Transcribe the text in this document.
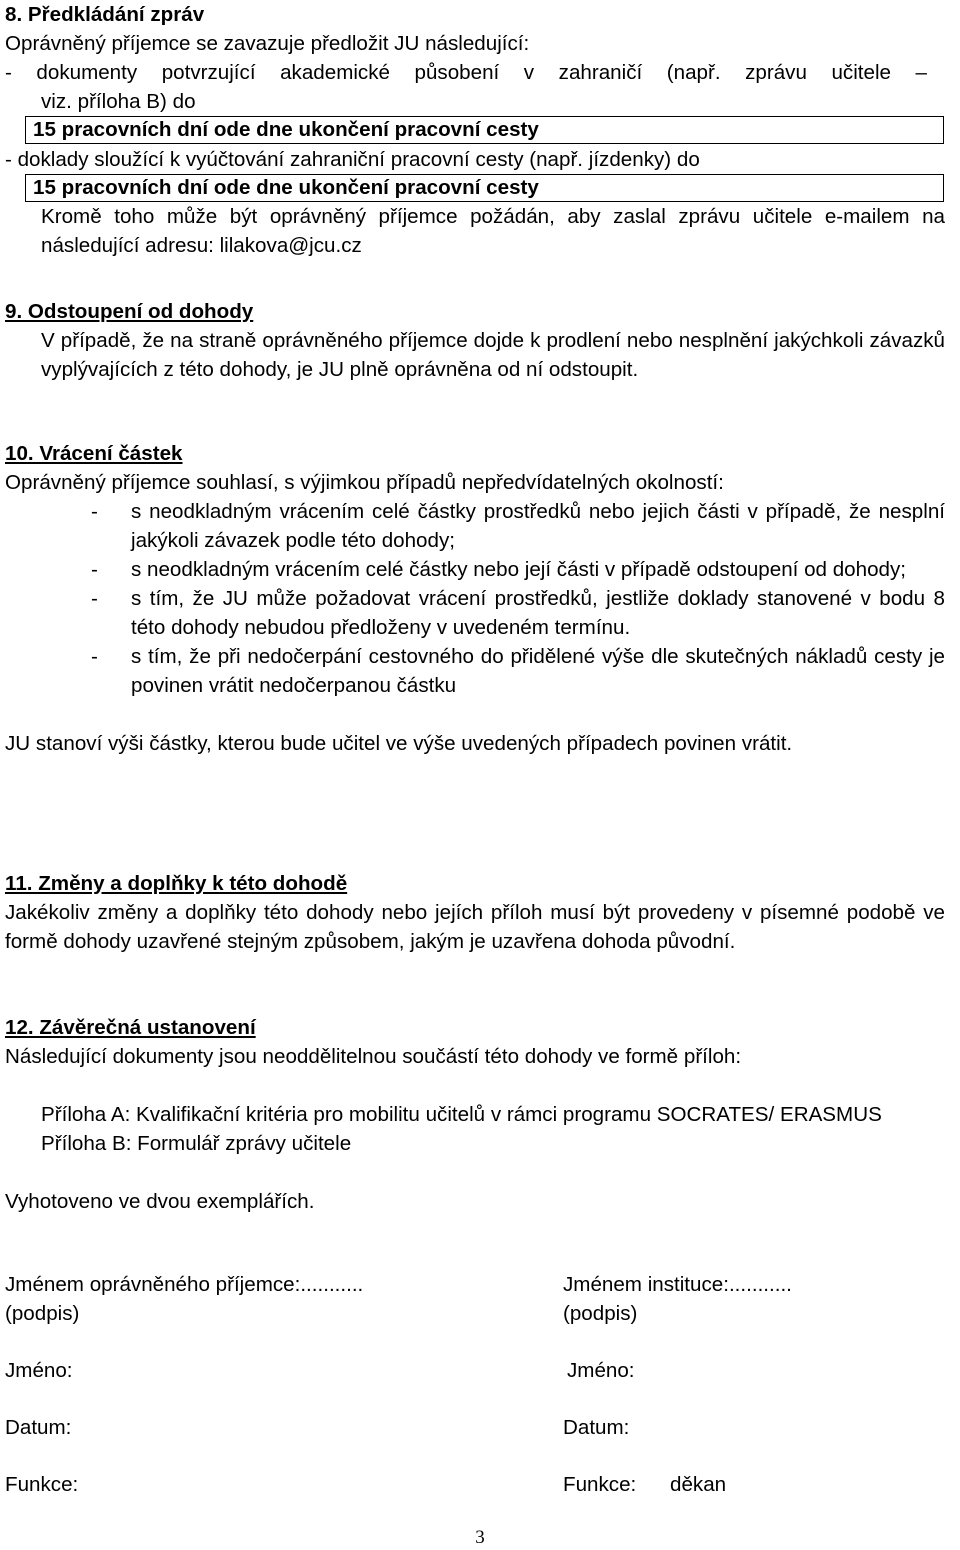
8. Předkládání zpráv
Oprávněný příjemce se zavazuje předložit JU následující:
- dokumenty potvrzující akademické působení v zahraničí (např. zprávu učitele –
viz. příloha B) do
15 pracovních dní ode dne ukončení pracovní cesty
- doklady sloužící k vyúčtování zahraniční pracovní cesty (např. jízdenky) do
15 pracovních dní ode dne ukončení pracovní cesty
Kromě toho může být oprávněný příjemce požádán, aby zaslal zprávu učitele e-mailem na následující adresu: lilakova@jcu.cz
9. Odstoupení od dohody
V případě, že na straně oprávněného příjemce dojde k prodlení nebo nesplnění jakýchkoli závazků vyplývajících z této dohody, je JU plně oprávněna od ní odstoupit.
10. Vrácení částek
Oprávněný příjemce souhlasí, s výjimkou případů nepředvídatelných okolností:
-	s neodkladným vrácením celé částky prostředků nebo jejich části v případě, že nesplní jakýkoli závazek podle této dohody;
-	s neodkladným vrácením celé částky nebo její části v případě odstoupení od dohody;
-	s tím, že JU může požadovat vrácení prostředků, jestliže doklady stanovené v bodu 8 této dohody nebudou předloženy v uvedeném termínu.
-	s tím, že při nedočerpání cestovného do přidělené výše dle skutečných nákladů cesty je povinen vrátit nedočerpanou částku
JU stanoví výši částky, kterou bude učitel ve výše uvedených případech povinen vrátit.
11. Změny a doplňky k této dohodě
Jakékoliv změny a doplňky této dohody nebo jejích příloh musí být provedeny v písemné podobě ve formě dohody uzavřené stejným způsobem, jakým je uzavřena dohoda původní.
12. Závěrečná ustanovení
Následující dokumenty jsou neoddělitelnou součástí této dohody ve formě příloh:
Příloha A: Kvalifikační kritéria pro mobilitu učitelů v rámci programu SOCRATES/ ERASMUS
Příloha B: Formulář zprávy učitele
Vyhotoveno ve dvou exemplářích.
Jménem oprávněného příjemce:...........	Jménem instituce:...........
(podpis)	(podpis)
Jméno:	Jméno:
Datum:	Datum:
Funkce:	Funkce: děkan
3
